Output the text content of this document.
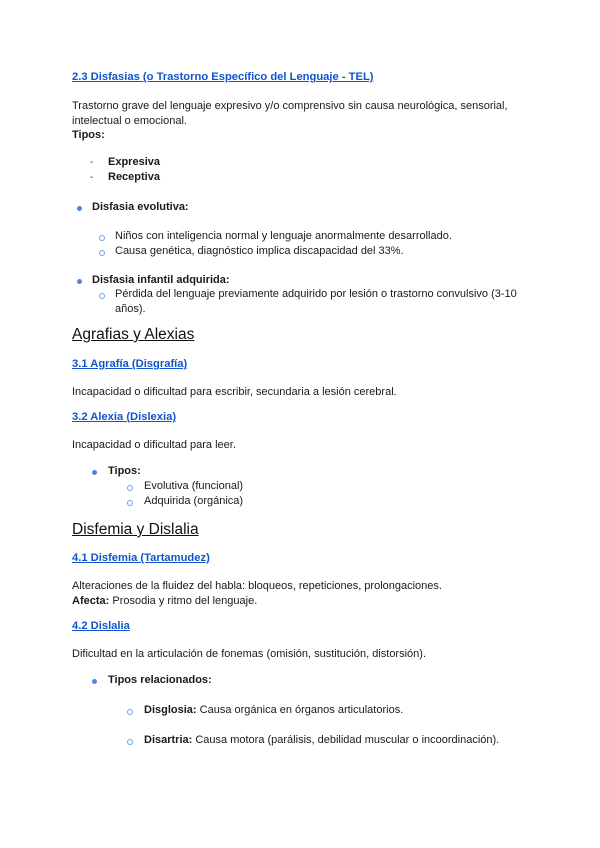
2.3 Disfasias (o Trastorno Específico del Lenguaje - TEL)
Trastorno grave del lenguaje expresivo y/o comprensivo sin causa neurológica, sensorial,
intelectual o emocional.
Tipos:
- Expresiva
- Receptiva
Disfasia evolutiva:
Niños con inteligencia normal y lenguaje anormalmente desarrollado.
Causa genética, diagnóstico implica discapacidad del 33%.
Disfasia infantil adquirida:
Pérdida del lenguaje previamente adquirido por lesión o trastorno convulsivo (3-10
años).
Agrafias y Alexias
3.1 Agrafía (Disgrafía)
Incapacidad o dificultad para escribir, secundaria a lesión cerebral.
3.2 Alexia (Dislexia)
Incapacidad o dificultad para leer.
Tipos:
Evolutiva (funcional)
Adquirida (orgánica)
Disfemia y Dislalia
4.1 Disfemia (Tartamudez)
Alteraciones de la fluidez del habla: bloqueos, repeticiones, prolongaciones.
Afecta: Prosodia y ritmo del lenguaje.
4.2 Dislalia
Dificultad en la articulación de fonemas (omisión, sustitución, distorsión).
Tipos relacionados:
Disglosia: Causa orgánica en órganos articulatorios.
Disartria: Causa motora (parálisis, debilidad muscular o incoordinación).
